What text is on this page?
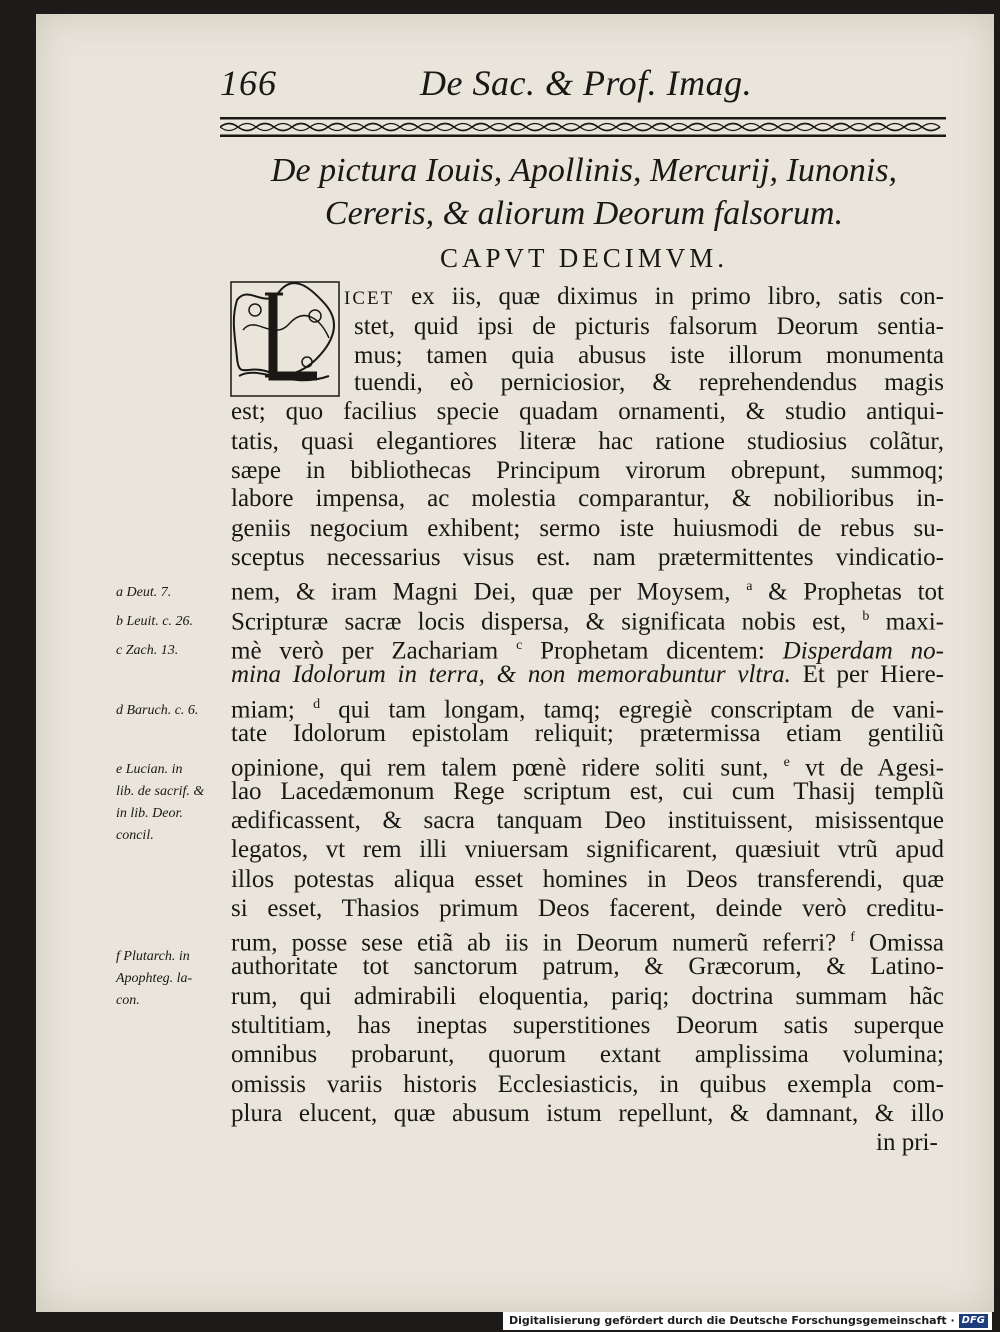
166	De Sac. & Prof. Imag.
De pictura Iouis, Apollinis, Mercurij, Iunonis,
Cereris, & aliorum Deorum falsorum.
CAPVT DECIMVM.
L
ICET ex iis, quæ diximus in primo libro, satis con-
stet, quid ipsi de picturis falsorum Deorum sentia-
mus; tamen quia abusus iste illorum monumenta
tuendi, eò perniciosior, & reprehendendus magis
est; quo facilius specie quadam ornamenti, & studio antiqui-
tatis, quasi elegantiores literæ hac ratione studiosius colãtur,
sæpe in bibliothecas Principum virorum obrepunt, summoq;
labore impensa, ac molestia comparantur, & nobilioribus in-
geniis negocium exhibent; sermo iste huiusmodi de rebus su-
sceptus necessarius visus est. nam prætermittentes vindicatio-
nem, & iram Magni Dei, quæ per Moysem, $^a$ & Prophetas tot
Scripturæ sacræ locis dispersa, & significata nobis est, $^b$ maxi-
mè verò per Zachariam $^c$ Prophetam dicentem: Disperdam no-
mina Idolorum in terra, & non memorabuntur vltra. Et per Hiere-
miam; $^d$ qui tam longam, tamq; egregiè conscriptam de vani-
tate Idolorum epistolam reliquit; prætermissa etiam gentiliũ
opinione, qui rem talem pœnè ridere soliti sunt, $^e$ vt de Agesi-
lao Lacedæmonum Rege scriptum est, cui cum Thasij templũ
ædificassent, & sacra tanquam Deo instituissent, misissentque
legatos, vt rem illi vniuersam significarent, quæsiuit vtrũ apud
illos potestas aliqua esset homines in Deos transferendi, quæ
si esset, Thasios primum Deos facerent, deinde verò creditu-
rum, posse sese etiã ab iis in Deorum numerũ referri? $^f$ Omissa
authoritate tot sanctorum patrum, & Græcorum, & Latino-
rum, qui admirabili eloquentia, pariq; doctrina summam hãc
stultitiam, has ineptas superstitiones Deorum satis superque
omnibus probarunt, quorum extant amplissima volumina;
omissis variis historis Ecclesiasticis, in quibus exempla com-
plura elucent, quæ abusum istum repellunt, & damnant, & illo
in pri-
a Deut. 7.
b Leuit. c. 26.
c Zach. 13.
d Baruch. c. 6.
e Lucian. in
lib. de sacrif. &
in lib. Deor.
concil.
f Plutarch. in
Apophteg. la-
con.
Digitalisierung gefördert durch die Deutsche Forschungsgemeinschaft · DFG
